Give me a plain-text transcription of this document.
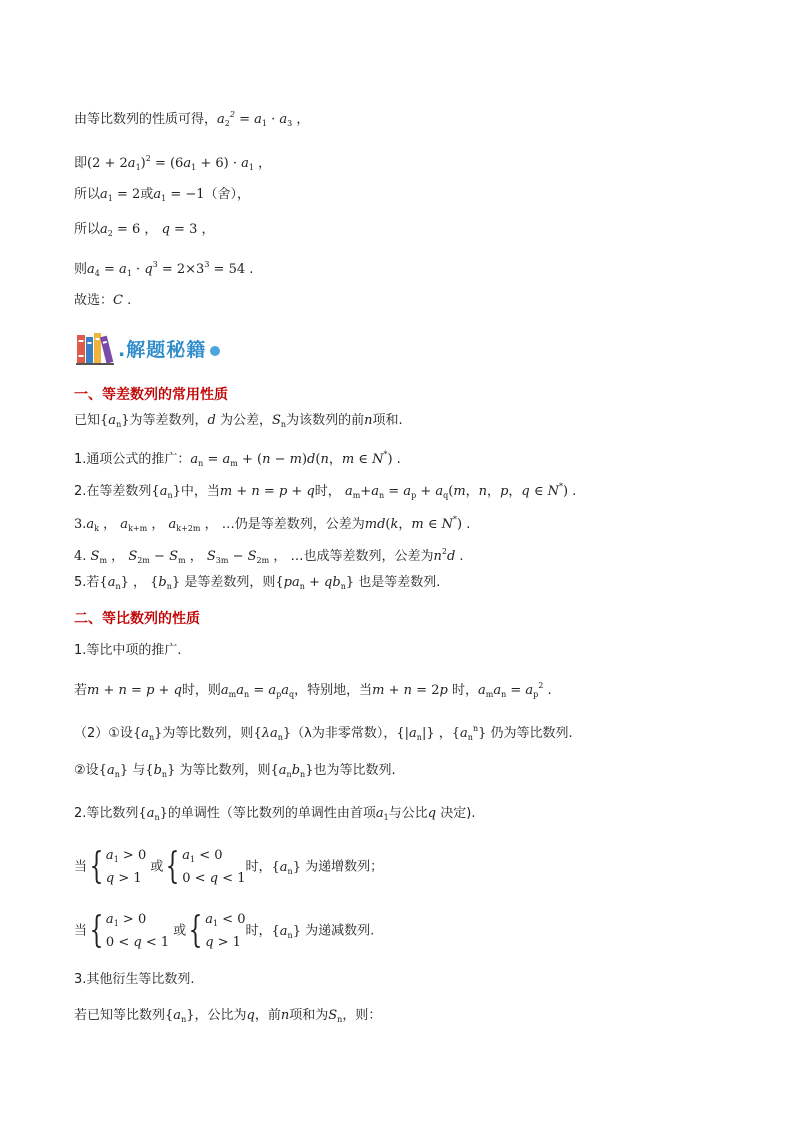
由等比数列的性质可得，$a_2^2 = a_1 \cdot a_3$ ，
即$(2 + 2a_1)^2 = (6a_1 + 6) \cdot a_1$ ，
所以$a_1 = 2$或$a_1 = -1$（舍），
所以$a_2 = 6$ ， q = 3 ，
则$a_4 = a_1 \cdot q^3 = 2\times 3^3 = 54$ .
故选：C .
.解题秘籍
一、等差数列的常用性质
已知$\{a_n\}$为等差数列，d 为公差，$S_n$为该数列的前n项和.
1.通项公式的推广：$a_n = a_m + (n - m)d(n$，m ∈ N*) .
2.在等差数列$\{a_n\}$中，当m + n = p + q时， $a_m+a_n = a_p + a_q(m$，n，p，q ∈ N*) .
$3.a_k$ ， $a_{k+m}$ ， $a_{k+2m}$ ， …仍是等差数列，公差为md(k，m ∈ N*) .
4. $S_m$ ， $S_{2m} - S_m$ ， $S_{3m} - S_{2m}$ ， …也成等差数列，公差为$n^2d$ .
5.若$\{a_n\}$ ， $\{b_n\}$ 是等差数列，则$\{pa_n + qb_n\}$ 也是等差数列.
二、等比数列的性质
1.等比中项的推广.
若m + n = p + q时，则$a_ma_n = a_pa_q$，特别地，当m + n = 2p 时，$a_ma_n = a_p^2$ .
（2）①设$\{a_n\}$为等比数列，则$\{\lambda a_n\}(\lambda$为非零常数），$\{|a_n|\}$ ，$\{a_n^n\}$ 仍为等比数列.
②设$\{a_n\}$ 与$\{b_n\}$ 为等比数列，则$\{a_nb_n\}$也为等比数列.
2.等比数列$\{a_n\}$的单调性（等比数列的单调性由首项$a_1$与公比q 决定).
当{ $a_1 > 0$
q > 1
或{ $a_1 < 0$
0 < q < 1
时，$\{a_n\}$ 为递增数列；
当{ $a_1 > 0$
0 < q < 1
或{ $a_1 < 0$
q > 1
时，$\{a_n\}$ 为递减数列.
3.其他衍生等比数列.
若已知等比数列$\{a_n\}$，公比为q，前n项和为$S_n$，则：
